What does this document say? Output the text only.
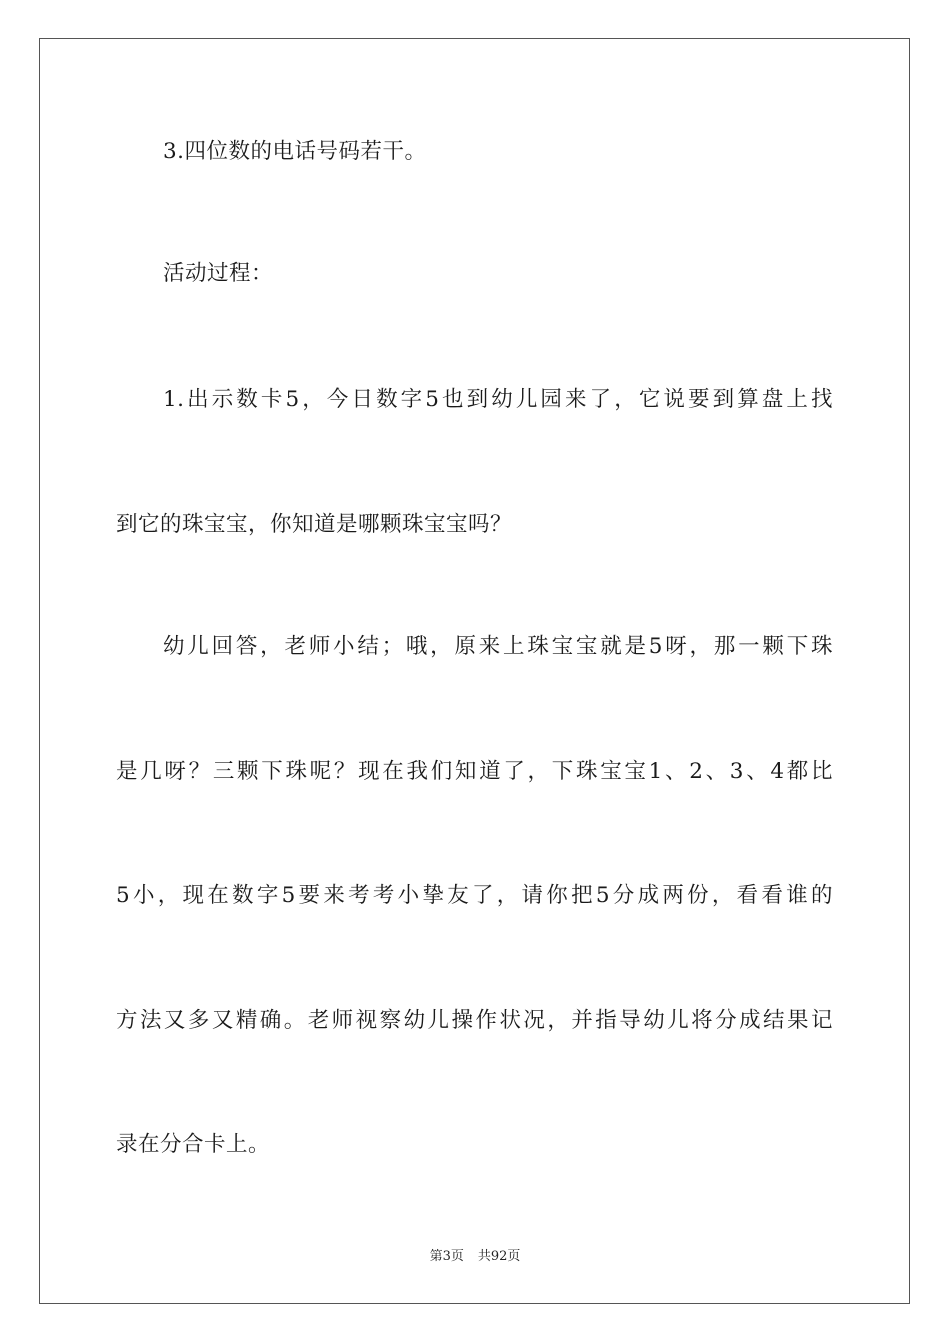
3.四位数的电话号码若干。
活动过程：
1.出示数卡5，今日数字5也到幼儿园来了，它说要到算盘上找
到它的珠宝宝，你知道是哪颗珠宝宝吗？
幼儿回答，老师小结；哦，原来上珠宝宝就是5呀，那一颗下珠
是几呀？三颗下珠呢？现在我们知道了，下珠宝宝1、2、3、4都比
5小，现在数字5要来考考小挚友了，请你把5分成两份，看看谁的
方法又多又精确。老师视察幼儿操作状况，并指导幼儿将分成结果记
录在分合卡上。
第3页 共92页
